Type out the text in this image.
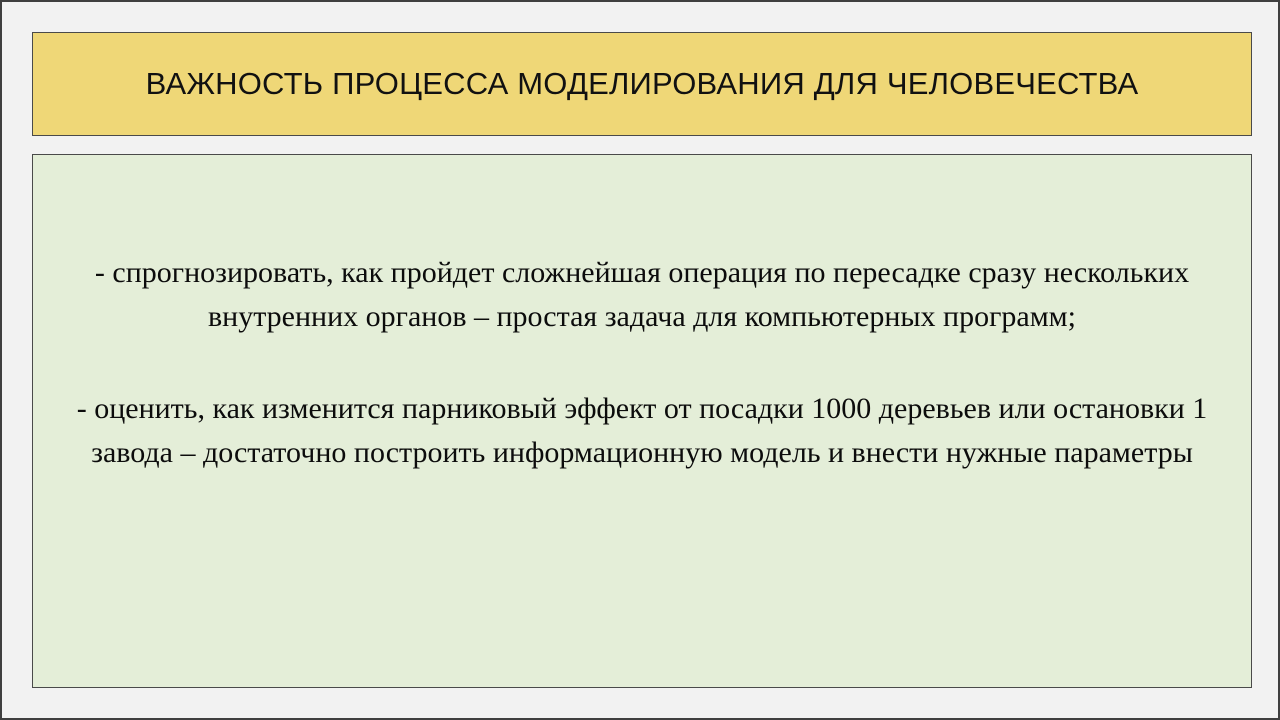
ВАЖНОСТЬ ПРОЦЕССА МОДЕЛИРОВАНИЯ ДЛЯ ЧЕЛОВЕЧЕСТВА

- спрогнозировать, как пройдет сложнейшая операция по пересадке сразу нескольких внутренних органов – простая задача для компьютерных программ;

- оценить, как изменится парниковый эффект от посадки 1000 деревьев или остановки 1 завода – достаточно построить информационную модель и внести нужные параметры
